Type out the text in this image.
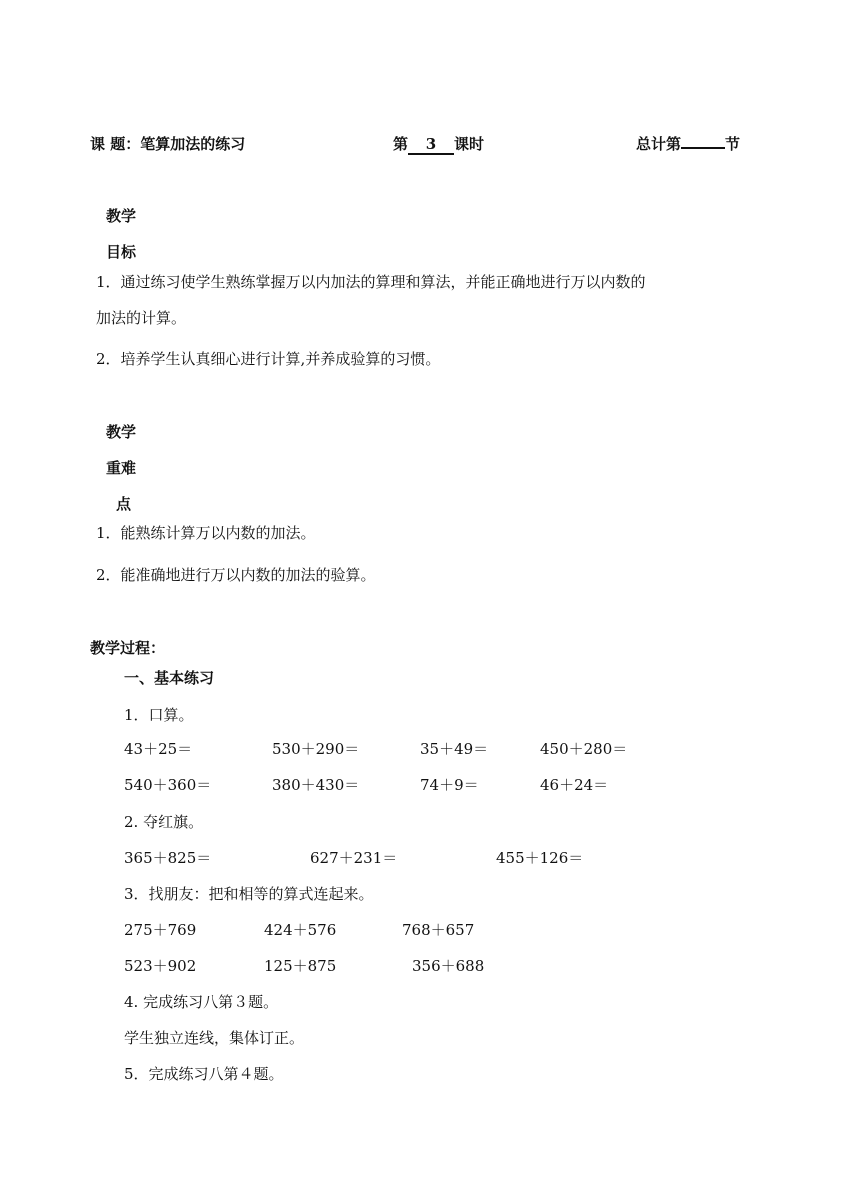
课 题：笔算加法的练习	第 3 课时	总计第	节
教学
目标
1．通过练习使学生熟练掌握万以内加法的算理和算法，并能正确地进行万以内数的
加法的计算。
2．培养学生认真细心进行计算,并养成验算的习惯。
教学
重难
点
1．能熟练计算万以内数的加法。
2．能准确地进行万以内数的加法的验算。
教学过程：
一、基本练习
1．口算。
43＋25＝	530＋290＝	35＋49＝	450＋280＝
540＋360＝	380＋430＝	74＋9＝	46＋24＝
2. 夺红旗。
365＋825＝	627＋231＝	455＋126＝
3．找朋友：把和相等的算式连起来。
275＋769	424＋576	768＋657
523＋902	125＋875	356＋688
4. 完成练习八第３题。
学生独立连线，集体订正。
5．完成练习八第４题。
